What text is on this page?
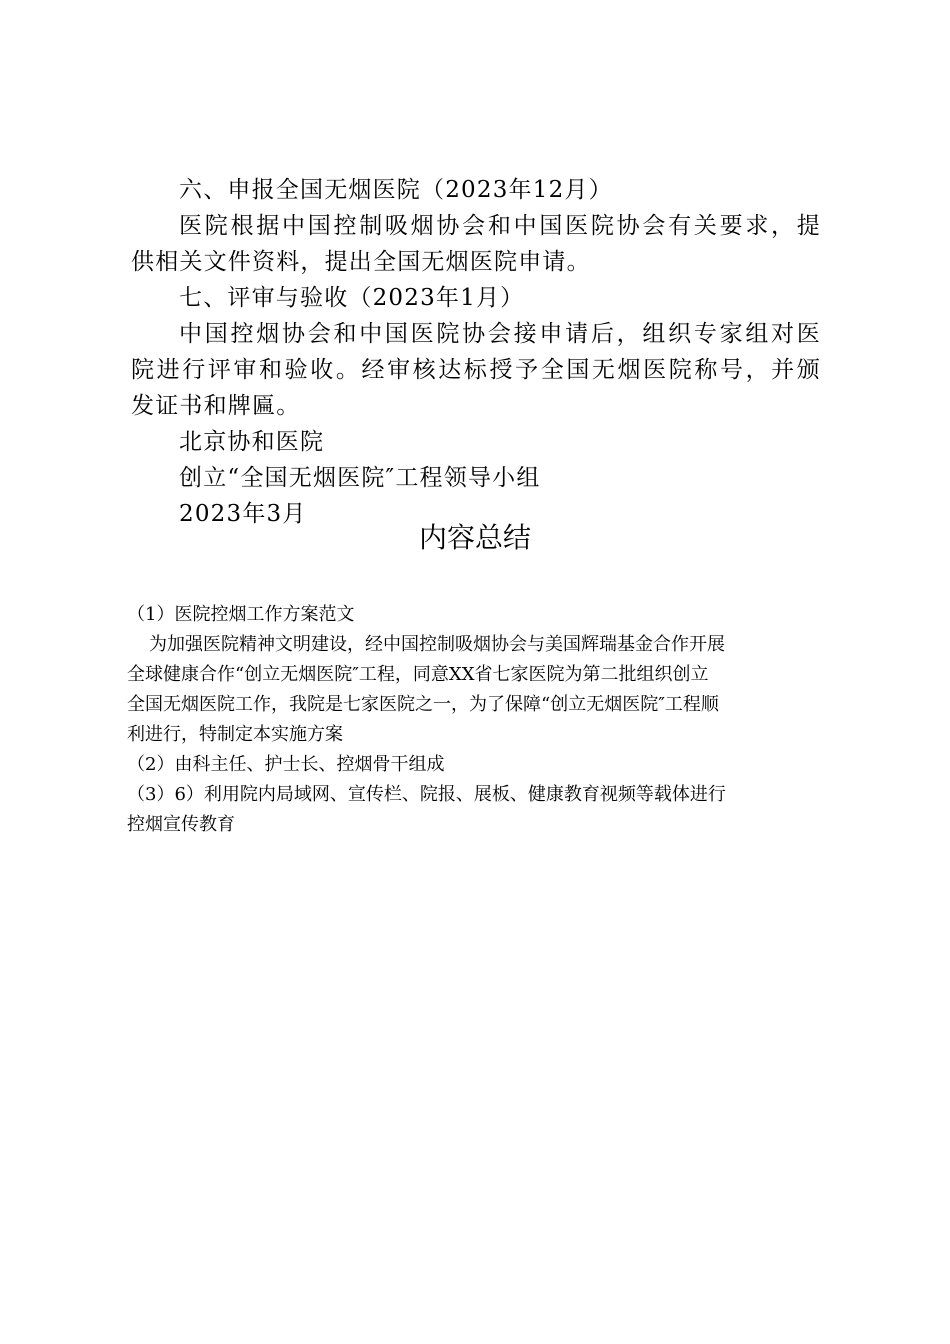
六、申报全国无烟医院（2023年12月）
医院根据中国控制吸烟协会和中国医院协会有关要求，提
供相关文件资料，提出全国无烟医院申请。
七、评审与验收（2023年1月）
中国控烟协会和中国医院协会接申请后，组织专家组对医
院进行评审和验收。经审核达标授予全国无烟医院称号，并颁
发证书和牌匾。
北京协和医院
创立“全国无烟医院″工程领导小组
2023年3月
内容总结
（1）医院控烟工作方案范文
为加强医院精神文明建设，经中国控制吸烟协会与美国辉瑞基金合作开展
全球健康合作“创立无烟医院″工程，同意XX省七家医院为第二批组织创立
全国无烟医院工作，我院是七家医院之一，为了保障“创立无烟医院″工程顺
利进行，特制定本实施方案
（2）由科主任、护士长、控烟骨干组成
（3）6）利用院内局域网、宣传栏、院报、展板、健康教育视频等载体进行
控烟宣传教育
